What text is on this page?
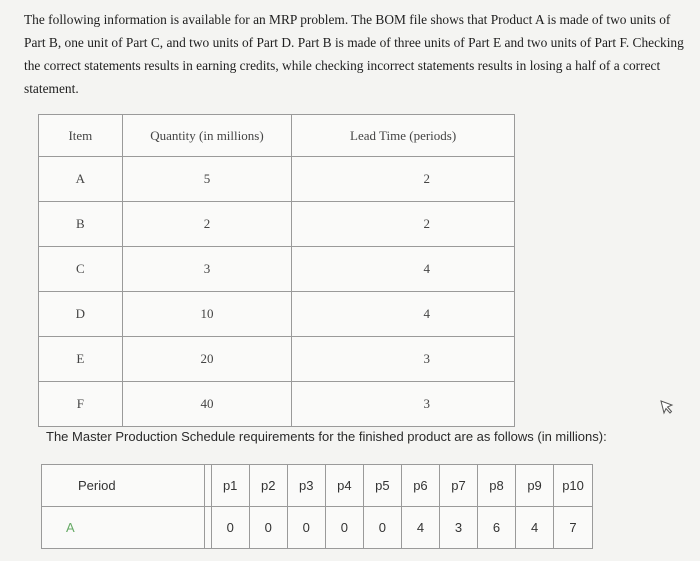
The following information is available for an MRP problem. The BOM file shows that Product A is made of two units of Part B, one unit of Part C, and two units of Part D. Part B is made of three units of Part E and two units of Part F. Checking the correct statements results in earning credits, while checking incorrect statements results in losing a half of a correct statement.
Item	Quantity (in millions)	Lead Time (periods)
A	5	2
B	2	2
C	3	4
D	10	4
E	20	3
F	40	3
The Master Production Schedule requirements for the finished product are as follows (in millions):
Period		p1	p2	p3	p4	p5	p6	p7	p8	p9	p10
A		0	0	0	0	0	4	3	6	4	7
